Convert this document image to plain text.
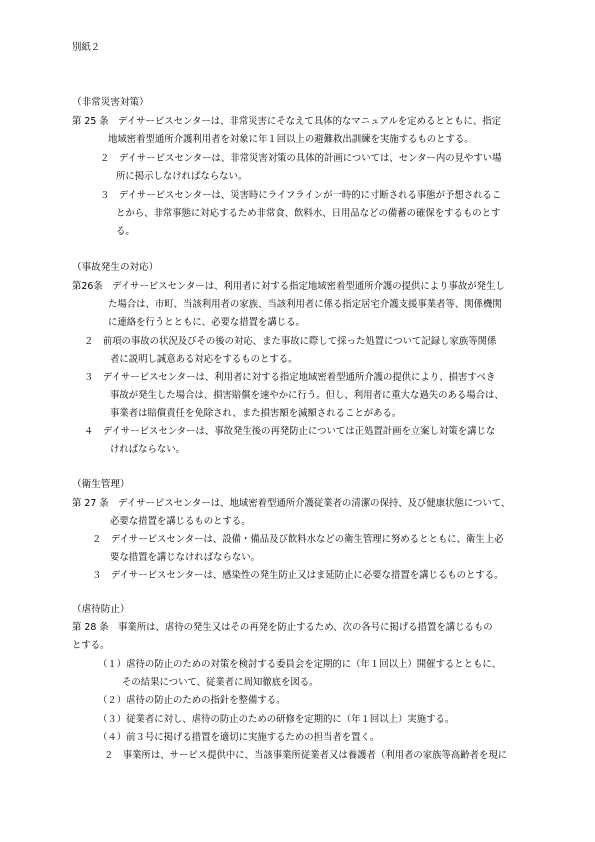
別紙２
（非常災害対策）
第 25 条　デイサービスセンターは、非常災害にそなえて具体的なマニュアルを定めるとともに、指定
地域密着型通所介護利用者を対象に年１回以上の避難救出訓練を実施するものとする。
２　デイサービスセンターは、非常災害対策の具体的計画については、センター内の見やすい場
所に掲示しなければならない。
３　デイサービスセンターは、災害時にライフラインが一時的に寸断される事態が予想されるこ
とから、非常事態に対応するため非常食、飲料水、日用品などの備蓄の確保をするものとす
る。
（事故発生の対応）
第26条　デイサービスセンターは、利用者に対する指定地域密着型通所介護の提供により事故が発生し
た場合は、市町、当該利用者の家族、当該利用者に係る指定居宅介護支援事業者等、関係機関
に連絡を行うとともに、必要な措置を講じる。
２　前項の事故の状況及びその後の対応、また事故に際して採った処置について記録し家族等関係
者に説明し誠意ある対応をするものとする。
３　デイサービスセンターは、利用者に対する指定地域密着型通所介護の提供により、損害すべき
事故が発生した場合は、損害賠償を速やかに行う。但し、利用者に重大な過失のある場合は、
事業者は賠償責任を免除され、また損害額を減額されることがある。
４　デイサービスセンターは、事故発生後の再発防止については正処置計画を立案し対策を講じな
ければならない。
（衛生管理）
第 27 条　デイサービスセンターは、地域密着型通所介護従業者の清潔の保持、及び健康状態について、
必要な措置を講じるものとする。
２　デイサービスセンターは、設備・備品及び飲料水などの衛生管理に努めるとともに、衛生上必
要な措置を講じなければならない。
３　デイサービスセンターは、感染性の発生防止又はま延防止に必要な措置を講じるものとする。
（虐待防止）
第 28 条　事業所は、虐待の発生又はその再発を防止するため、次の各号に掲げる措置を講じるもの
とする。
（１）虐待の防止のための対策を検討する委員会を定期的に（年１回以上）開催するとともに、
その結果について、従業者に周知徹底を図る。
（２）虐待の防止のための指針を整備する。
（３）従業者に対し、虐待の防止のための研修を定期的に（年１回以上）実施する。
（４）前３号に掲げる措置を適切に実施するための担当者を置く。
２　事業所は、サービス提供中に、当該事業所従業者又は養護者（利用者の家族等高齢者を現に
